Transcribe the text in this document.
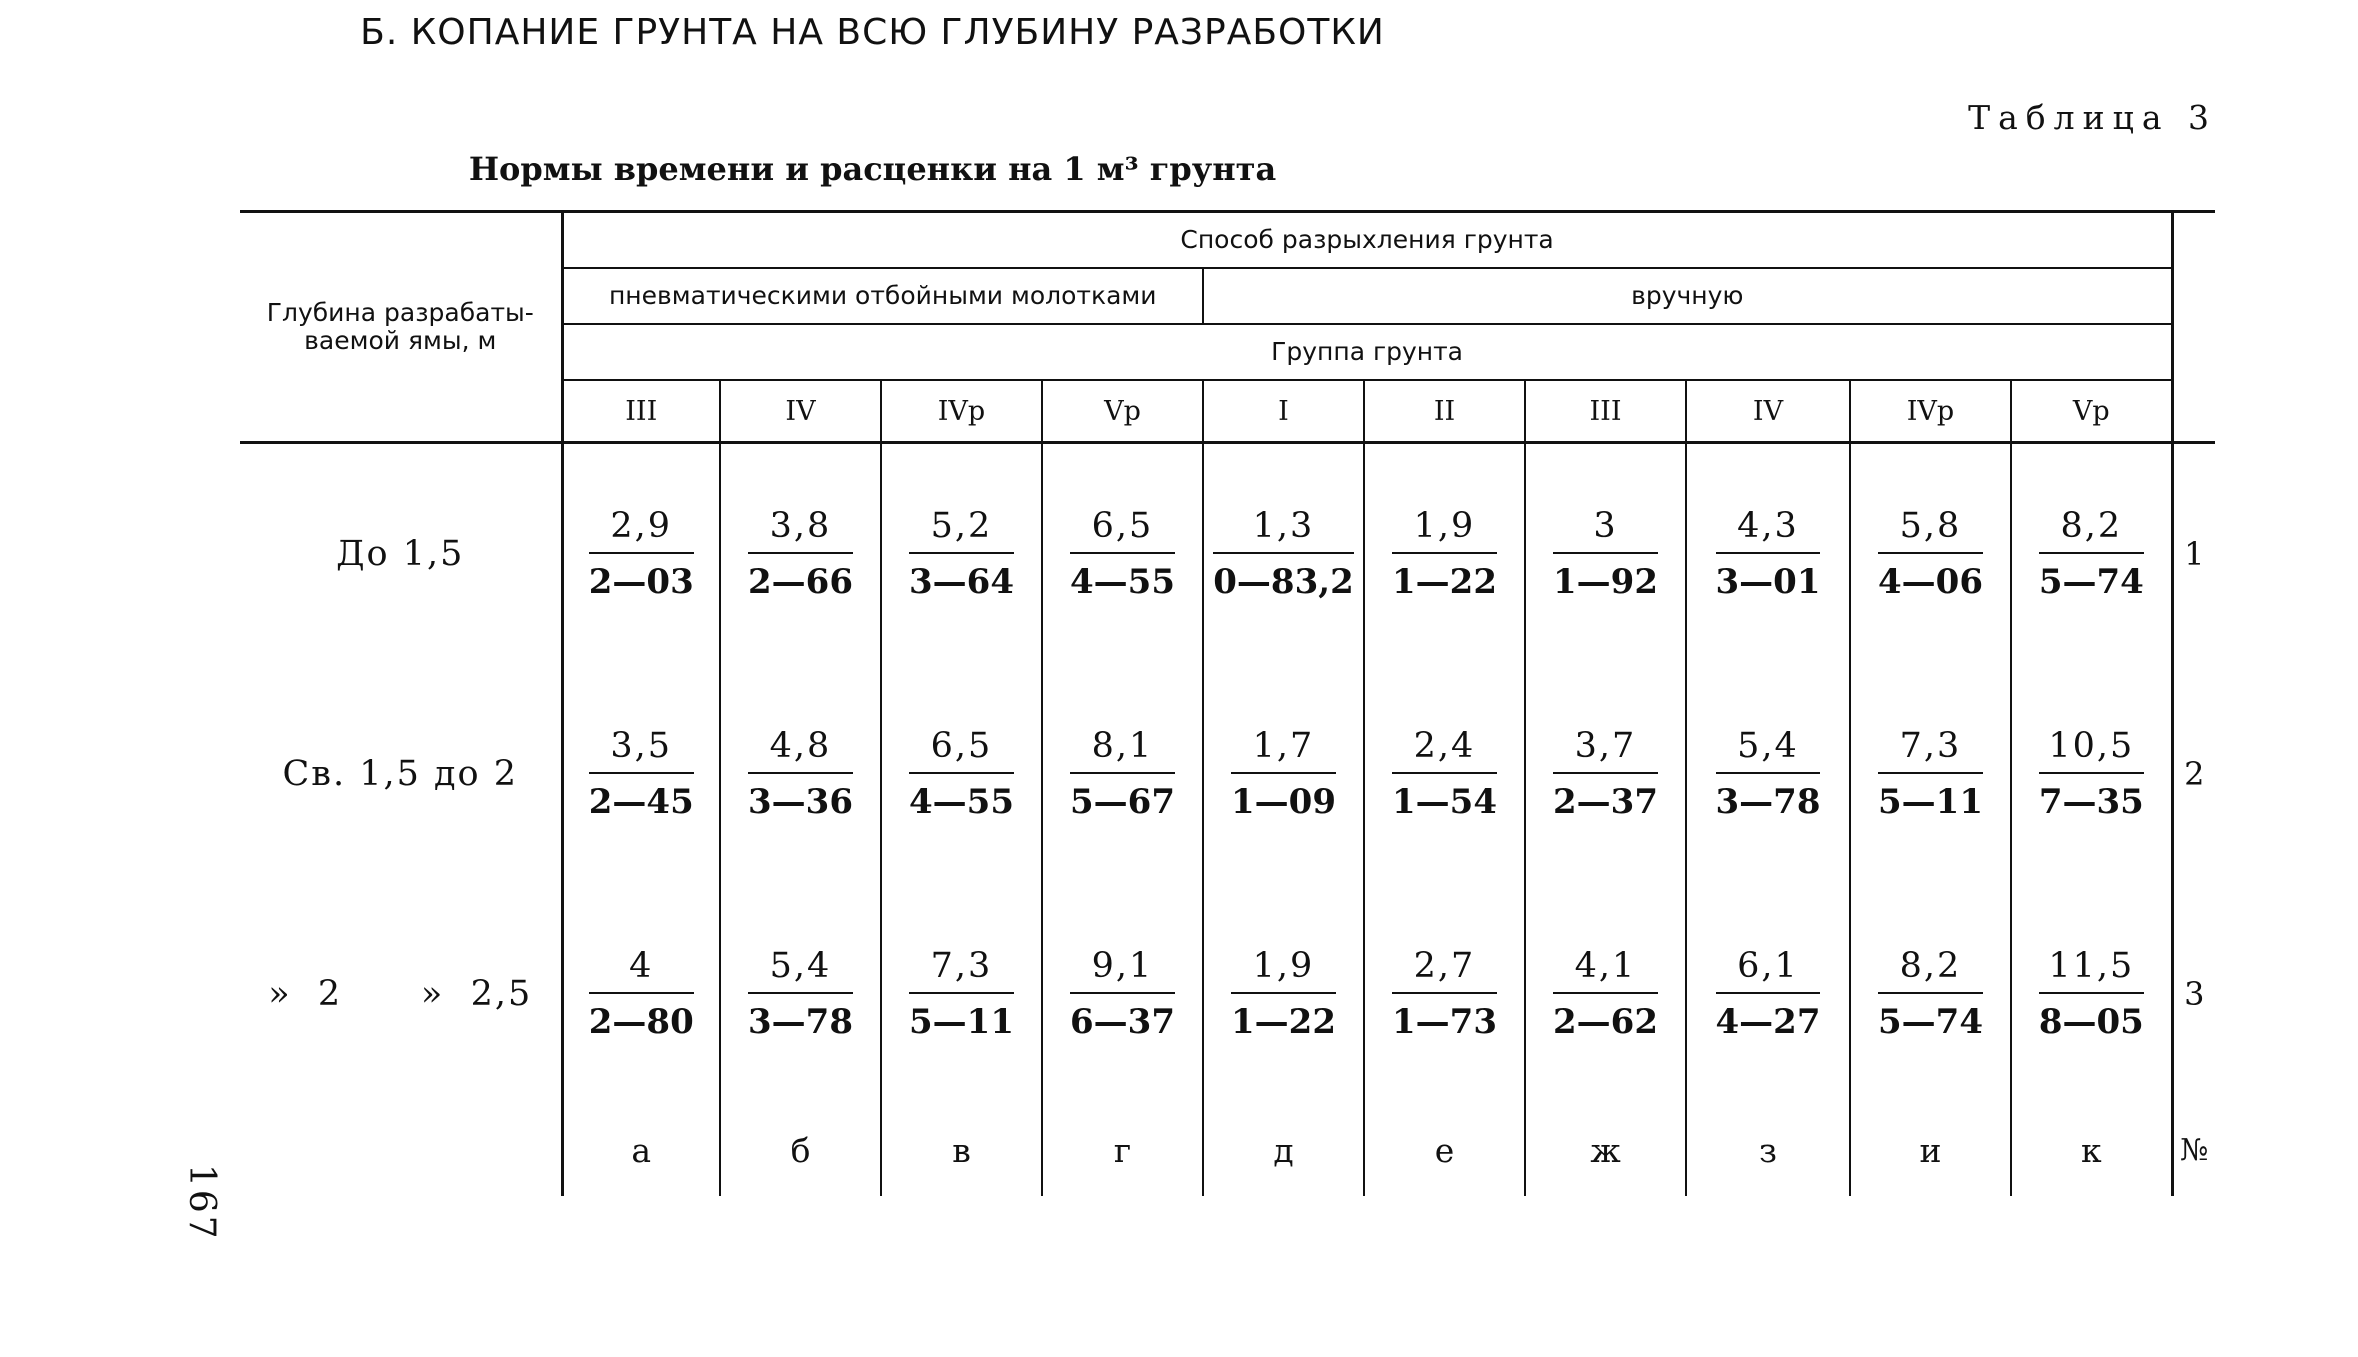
Б. КОПАНИЕ ГРУНТА НА ВСЮ ГЛУБИНУ РАЗРАБОТКИ
Таблица 3
Нормы времени и расценки на 1 м³ грунта
167
Глубина разрабаты-ваемой ямы, м	Способ разрыхления грунта										
	пневматическими отбойными молотками				вручную						
	Группа грунта										
	III	IV	IVр	Vр	I	II	III	IV	IVр	Vр	
До 1,5	$\frac{2,9}{2—03}$	$\frac{3,8}{2—66}$	$\frac{5,2}{3—64}$	$\frac{6,5}{4—55}$	$\frac{1,3}{0—83,2}$	$\frac{1,9}{1—22}$	$\frac{3}{1—92}$	$\frac{4,3}{3—01}$	$\frac{5,8}{4—06}$	$\frac{8,2}{5—74}$	1
Св. 1,5 до 2	$\frac{3,5}{2—45}$	$\frac{4,8}{3—36}$	$\frac{6,5}{4—55}$	$\frac{8,1}{5—67}$	$\frac{1,7}{1—09}$	$\frac{2,4}{1—54}$	$\frac{3,7}{2—37}$	$\frac{5,4}{3—78}$	$\frac{7,3}{5—11}$	$\frac{10,5}{7—35}$	2
»  2      »  2,5	$\frac{4}{2—80}$	$\frac{5,4}{3—78}$	$\frac{7,3}{5—11}$	$\frac{9,1}{6—37}$	$\frac{1,9}{1—22}$	$\frac{2,7}{1—73}$	$\frac{4,1}{2—62}$	$\frac{6,1}{4—27}$	$\frac{8,2}{5—74}$	$\frac{11,5}{8—05}$	3
	а	б	в	г	д	е	ж	з	и	к	№
